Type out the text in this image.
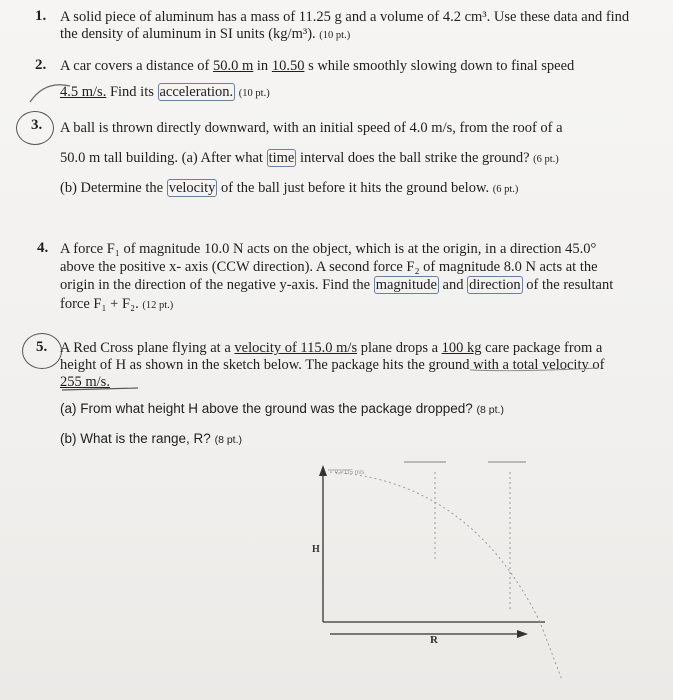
1. A solid piece of aluminum has a mass of 11.25 g and a volume of 4.2 cm³. Use these data and find
the density of aluminum in SI units (kg/m³). (10 pt.)
2. A car covers a distance of 50.0 m in 10.50 s while smoothly slowing down to final speed
4.5 m/s. Find its acceleration. (10 pt.)
3. A ball is thrown directly downward, with an initial speed of 4.0 m/s, from the roof of a
50.0 m tall building. (a) After what time interval does the ball strike the ground? (6 pt.)
(b) Determine the velocity of the ball just before it hits the ground below. (6 pt.)
4. A force F₁ of magnitude 10.0 N acts on the object, which is at the origin, in a direction 45.0°
above the positive x- axis (CCW direction). A second force F₂ of magnitude 8.0 N acts at the
origin in the direction of the negative y-axis. Find the magnitude and direction of the resultant
force F₁ + F₂. (12 pt.)
5. A Red Cross plane flying at a velocity of 115.0 m/s plane drops a 100 kg care package from a
height of H as shown in the sketch below. The package hits the ground with a total velocity of
255 m/s.
(a) From what height H above the ground was the package dropped? (8 pt.)
(b) What is the range, R? (8 pt.)
vₓ=115 m/s
H
R
